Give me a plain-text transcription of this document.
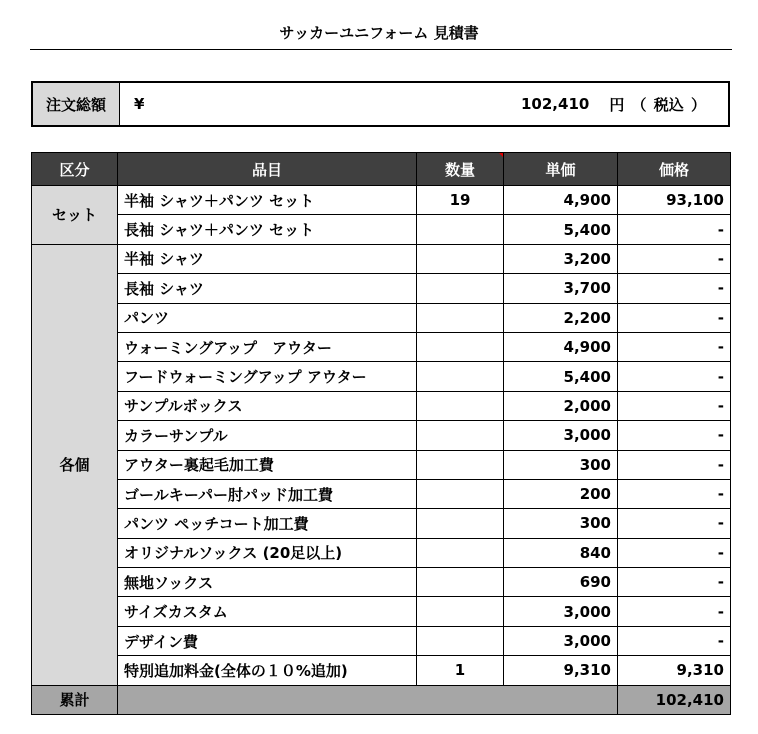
サッカーユニフォーム 見積書
注文総額	¥	102,410 円 （ 税込 ）
区分	品目	数量	単価	価格
セット	半袖 シャツ＋パンツ セット	19	4,900	93,100
	長袖 シャツ＋パンツ セット		5,400	-
各個	半袖 シャツ		3,200	-
	長袖 シャツ		3,700	-
	パンツ		2,200	-
	ウォーミングアップ　アウター		4,900	-
	フードウォーミングアップ アウター		5,400	-
	サンプルボックス		2,000	-
	カラーサンプル		3,000	-
	アウター裏起毛加工費		300	-
	ゴールキーパー肘パッド加工費		200	-
	パンツ ペッチコート加工費		300	-
	オリジナルソックス (20足以上)		840	-
	無地ソックス		690	-
	サイズカスタム		3,000	-
	デザイン費		3,000	-
	特別追加料金(全体の１０%追加)	1	9,310	9,310
累計				102,410
